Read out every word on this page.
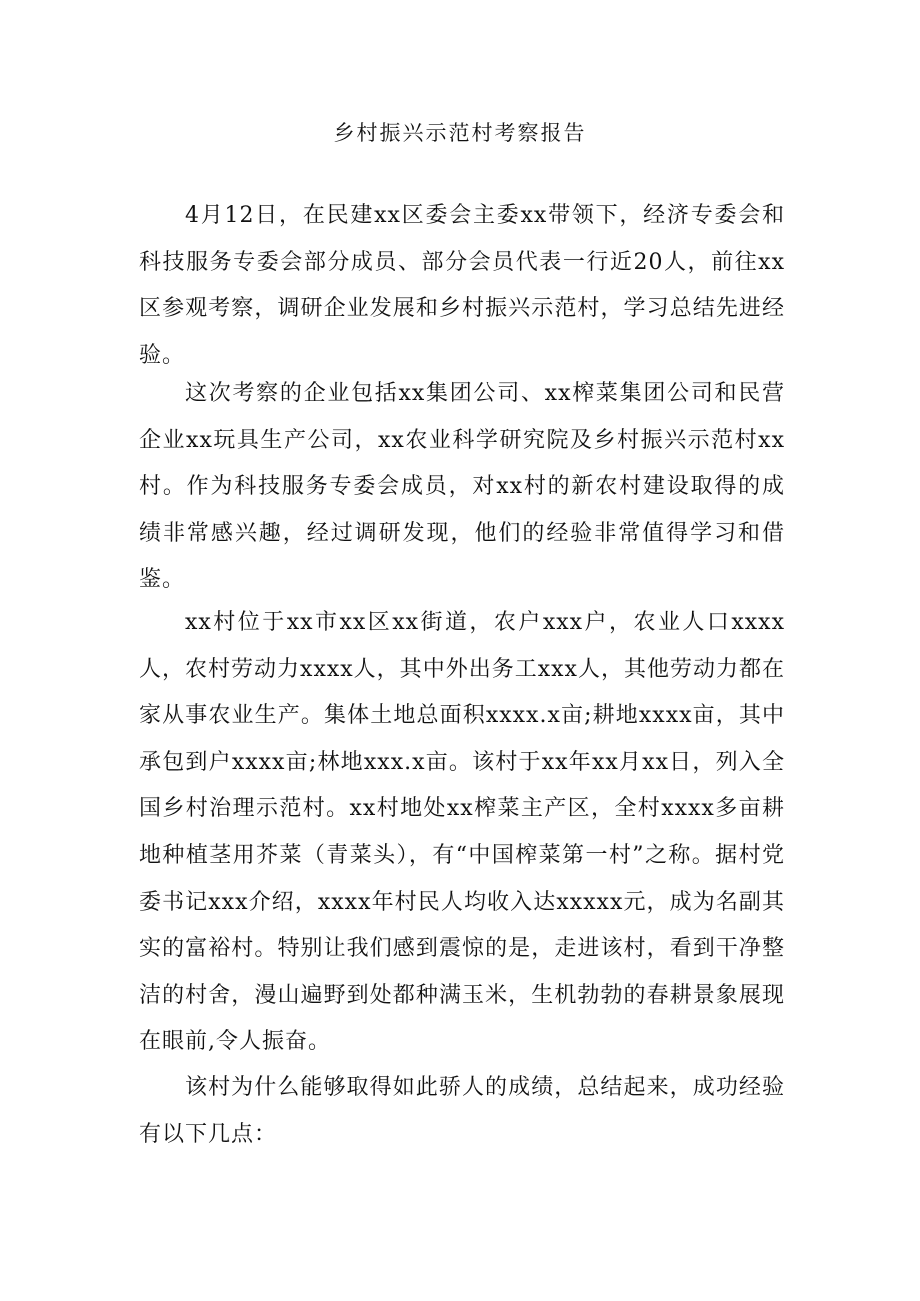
乡村振兴示范村考察报告

4月12日，在民建xx区委会主委xx带领下，经济专委会和科技服务专委会部分成员、部分会员代表一行近20人，前往xx区参观考察，调研企业发展和乡村振兴示范村，学习总结先进经验。

这次考察的企业包括xx集团公司、xx榨菜集团公司和民营企业xx玩具生产公司，xx农业科学研究院及乡村振兴示范村xx村。作为科技服务专委会成员，对xx村的新农村建设取得的成绩非常感兴趣，经过调研发现，他们的经验非常值得学习和借鉴。

xx村位于xx市xx区xx街道，农户xxx户，农业人口xxxx人，农村劳动力xxxx人，其中外出务工xxx人，其他劳动力都在家从事农业生产。集体土地总面积xxxx.x亩;耕地xxxx亩，其中承包到户xxxx亩;林地xxx.x亩。该村于xx年xx月xx日，列入全国乡村治理示范村。xx村地处xx榨菜主产区，全村xxxx多亩耕地种植茎用芥菜（青菜头），有“中国榨菜第一村”之称。据村党委书记xxx介绍，xxxx年村民人均收入达xxxxx元，成为名副其实的富裕村。特别让我们感到震惊的是，走进该村，看到干净整洁的村舍，漫山遍野到处都种满玉米，生机勃勃的春耕景象展现在眼前,令人振奋。

该村为什么能够取得如此骄人的成绩，总结起来，成功经验有以下几点：
